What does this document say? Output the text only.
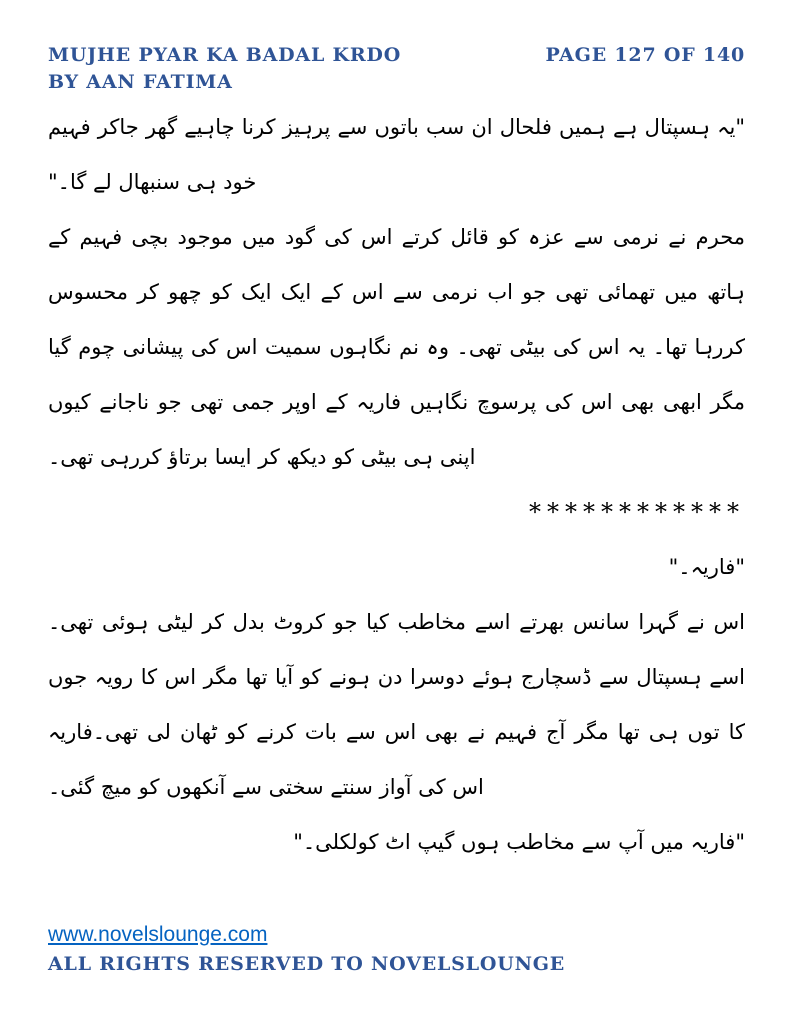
MUJHE PYAR KA BADAL KRDO
BY AAN FATIMA
PAGE 127 OF 140

"یہ ہسپتال ہے ہمیں فلحال ان سب باتوں سے پرہیز کرنا چاہیے گھر جاکر فہیم خود ہی سنبھال لے گا۔"

محرم نے نرمی سے عزہ کو قائل کرتے اس کی گود میں موجود بچی فہیم کے ہاتھ میں تھمائی تھی جو اب نرمی سے اس کے ایک ایک کو چھو کر محسوس کررہا تھا۔ یہ اس کی بیٹی تھی۔ وہ نم نگاہوں سمیت اس کی پیشانی چوم گیا مگر ابھی بھی اس کی پرسوچ نگاہیں فاریہ کے اوپر جمی تھی جو ناجانے کیوں اپنی ہی بیٹی کو دیکھ کر ایسا برتاؤ کررہی تھی۔

************

"فاریہ۔"

اس نے گہرا سانس بھرتے اسے مخاطب کیا جو کروٹ بدل کر لیٹی ہوئی تھی۔ اسے ہسپتال سے ڈسچارج ہوئے دوسرا دن ہونے کو آیا تھا مگر اس کا رویہ جوں کا توں ہی تھا مگر آج فہیم نے بھی اس سے بات کرنے کو ٹھان لی تھی۔فاریہ اس کی آواز سنتے سختی سے آنکھوں کو میچ گئی۔

"فاریہ میں آپ سے مخاطب ہوں گیپ اٹ کولکلی۔"

www.novelslounge.com
ALL RIGHTS RESERVED TO NOVELSLOUNGE
